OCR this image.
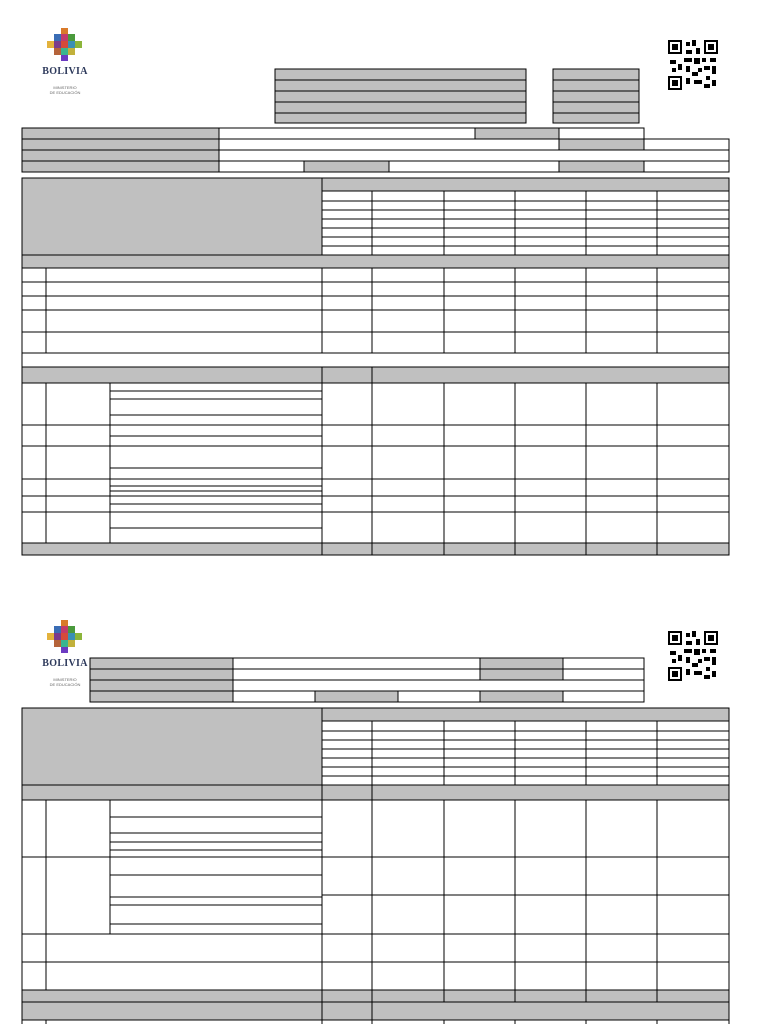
BOLIVIA
MINISTERIO
DE EDUCACIÓN
BOLIVIA
MINISTERIO
DE EDUCACIÓN
